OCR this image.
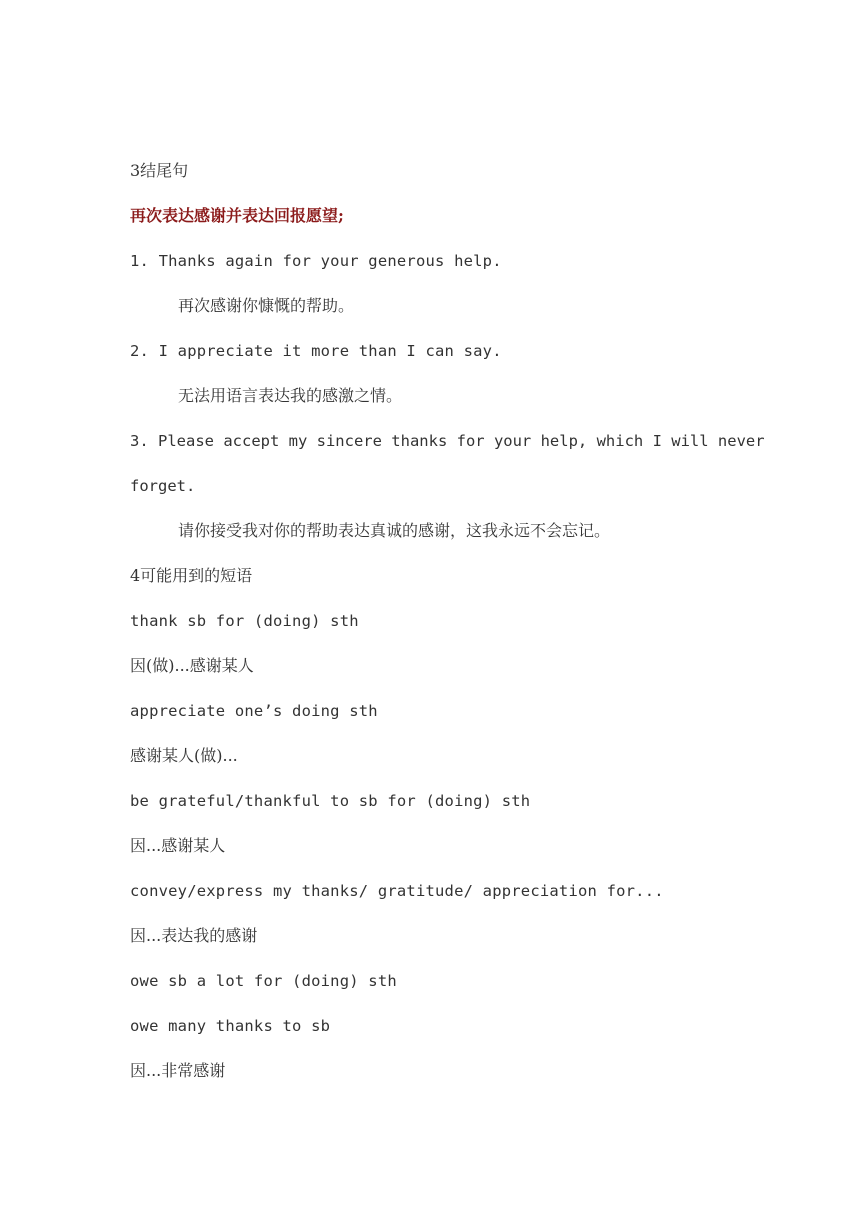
3结尾句

再次表达感谢并表达回报愿望;

1. Thanks again for your generous help.

再次感谢你慷慨的帮助。

2. I appreciate it more than I can say.

无法用语言表达我的感激之情。

3. Please accept my sincere thanks for your help, which I will never

forget.

请你接受我对你的帮助表达真诚的感谢，这我永远不会忘记。

4可能用到的短语

thank sb for (doing) sth

因(做)...感谢某人

appreciate one’s doing sth

感谢某人(做)...

be grateful/thankful to sb for (doing) sth

因...感谢某人

convey/express my thanks/ gratitude/ appreciation for...

因...表达我的感谢

owe sb a lot for (doing) sth

owe many thanks to sb

因...非常感谢
